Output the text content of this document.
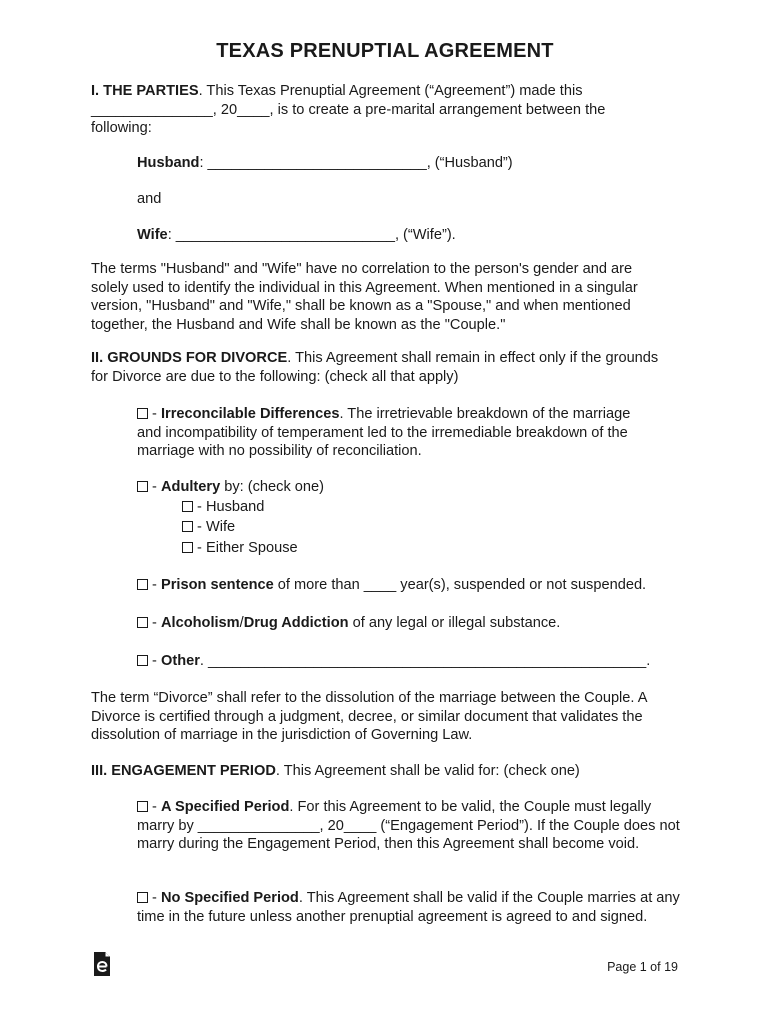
TEXAS PRENUPTIAL AGREEMENT
I. THE PARTIES. This Texas Prenuptial Agreement (“Agreement”) made this
_______________, 20____, is to create a pre-marital arrangement between the
following:
Husband: ___________________________, (“Husband”)
and
Wife: ___________________________, (“Wife”).
The terms "Husband" and "Wife" have no correlation to the person's gender and are solely used to identify the individual in this Agreement. When mentioned in a singular version, "Husband" and "Wife," shall be known as a "Spouse," and when mentioned together, the Husband and Wife shall be known as the "Couple."
II. GROUNDS FOR DIVORCE. This Agreement shall remain in effect only if the grounds
for Divorce are due to the following: (check all that apply)
- Irreconcilable Differences. The irretrievable breakdown of the marriage and incompatibility of temperament led to the irremediable breakdown of the marriage with no possibility of reconciliation.
- Adultery by: (check one)
- Husband
- Wife
- Either Spouse
- Prison sentence of more than ____ year(s), suspended or not suspended.
- Alcoholism/Drug Addiction of any legal or illegal substance.
- Other. ______________________________________________________.
The term “Divorce” shall refer to the dissolution of the marriage between the Couple. A Divorce is certified through a judgment, decree, or similar document that validates the dissolution of marriage in the jurisdiction of Governing Law.
III. ENGAGEMENT PERIOD. This Agreement shall be valid for: (check one)
- A Specified Period. For this Agreement to be valid, the Couple must legally marry by _______________, 20____ (“Engagement Period”). If the Couple does not marry during the Engagement Period, then this Agreement shall become void.
- No Specified Period. This Agreement shall be valid if the Couple marries at any time in the future unless another prenuptial agreement is agreed to and signed.
Page 1 of 19
